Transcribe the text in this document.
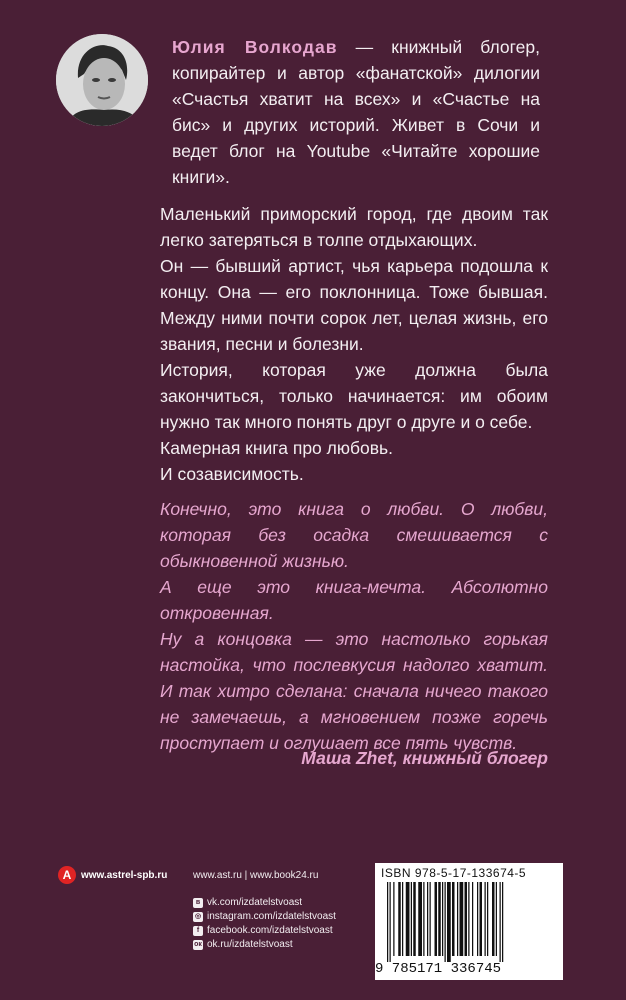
Юлия Волкодав — книжный блогер, копирайтер и автор «фанатской» дилогии «Счастья хватит на всех» и «Счастье на бис» и других историй. Живет в Сочи и ведет блог на Youtube «Читайте хорошие книги».

Маленький приморский город, где двоим так легко затеряться в толпе отдыхающих.

Он — бывший артист, чья карьера подошла к концу. Она — его поклонница. Тоже бывшая. Между ними почти сорок лет, целая жизнь, его звания, песни и болезни.

История, которая уже должна была закончиться, только начинается: им обоим нужно так много понять друг о друге и о себе.

Камерная книга про любовь.

И созависимость.

Конечно, это книга о любви. О любви, которая без осадка смешивается с обыкновенной жизнью.

А еще это книга-мечта. Абсолютно откровенная.

Ну а концовка — это настолько горькая настойка, что послевкусия надолго хватит. И так хитро сделана: сначала ничего такого не замечаешь, а мгновением позже горечь проступает и оглушает все пять чувств.

Маша Zhet, книжный блогер
A www.astrel-spb.ru	www.ast.ru | www.book24.ru
в vk.com/izdatelstvoast
◎ instagram.com/izdatelstvoast
f facebook.com/izdatelstvoast
ок ok.ru/izdatelstvoast
ISBN 978-5-17-133674-5
9 785171 336745
